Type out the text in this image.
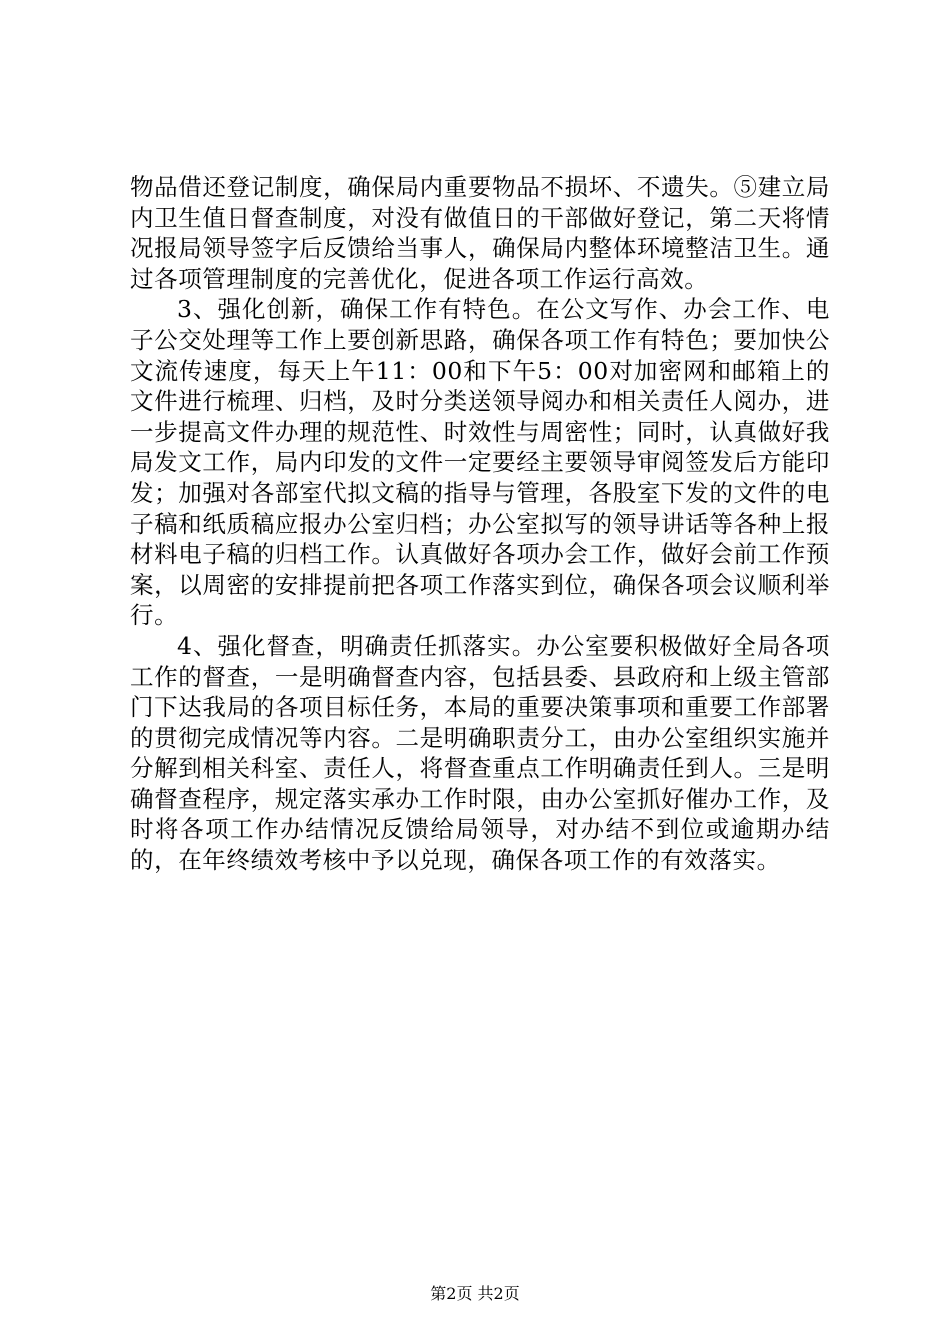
物品借还登记制度，确保局内重要物品不损坏、不遗失。⑤建立局内卫生值日督查制度，对没有做值日的干部做好登记，第二天将情况报局领导签字后反馈给当事人，确保局内整体环境整洁卫生。通过各项管理制度的完善优化，促进各项工作运行高效。

3、强化创新，确保工作有特色。在公文写作、办会工作、电子公交处理等工作上要创新思路，确保各项工作有特色；要加快公文流传速度，每天上午11：00和下午5：00对加密网和邮箱上的文件进行梳理、归档，及时分类送领导阅办和相关责任人阅办，进一步提高文件办理的规范性、时效性与周密性；同时，认真做好我局发文工作，局内印发的文件一定要经主要领导审阅签发后方能印发；加强对各部室代拟文稿的指导与管理，各股室下发的文件的电子稿和纸质稿应报办公室归档；办公室拟写的领导讲话等各种上报材料电子稿的归档工作。认真做好各项办会工作，做好会前工作预案，以周密的安排提前把各项工作落实到位，确保各项会议顺利举行。

4、强化督查，明确责任抓落实。办公室要积极做好全局各项工作的督查，一是明确督查内容，包括县委、县政府和上级主管部门下达我局的各项目标任务，本局的重要决策事项和重要工作部署的贯彻完成情况等内容。二是明确职责分工，由办公室组织实施并分解到相关科室、责任人，将督查重点工作明确责任到人。三是明确督查程序，规定落实承办工作时限，由办公室抓好催办工作，及时将各项工作办结情况反馈给局领导，对办结不到位或逾期办结的，在年终绩效考核中予以兑现，确保各项工作的有效落实。

第2页 共2页
